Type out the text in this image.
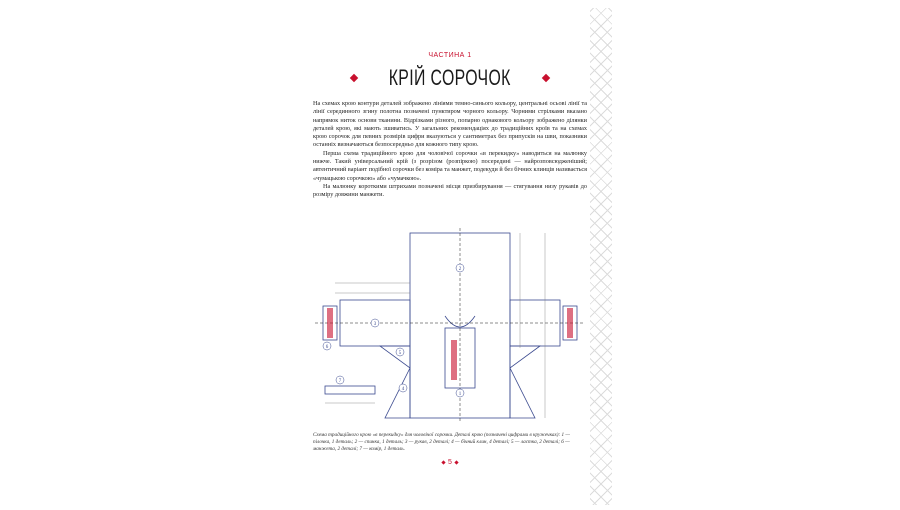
ЧАСТИНА 1
КРІЙ СОРОЧОК

На схемах крою контури деталей зображено лініями темно-синього кольору, центральні осьові лінії та лінії серединного згину полотна позначені пунктиром чорного кольору. Чорними стрілками вказано напрямок ниток основи тканини. Відрізками різного, попарно однакового кольору зображено ділянки деталей крою, які мають зшиватись. У загальних рекомендаціях до традиційних кроїв та на схемах крою сорочок для певних розмірів цифри вказуються у сантиметрах без припусків на шви, показники останніх визначаються безпосередньо для кожного типу крою.

Перша схема традиційного крою для чоловічої сорочки «в перекидку» наводиться на малюнку нижче. Такий універсальний крій (з розрізом (розпіркою) посередині — найрозповсюдженіший; автентичний варіант подібної сорочки без коміра та манжет, подекуди й без бічних клинців називається «чумацькою сорочкою» або «чумачкою».

На малюнку короткими штрихами позначені місця призбирування — стягування низу рукавів до розміру довжини манжети.

2
1
3
4
5
6
7
Схема традиційного крою «в перекидку» для чоловічої сорочки. Деталі крою (позначені цифрами в кружечках): 1 — пілочка, 1 деталь; 2 — спинка, 1 деталь; 3 — рукав, 2 деталі; 4 — бічний клин, 4 деталі; 5 — ластка, 2 деталі; 6 — манжета, 2 деталі; 7 — комір, 1 деталь.
5
